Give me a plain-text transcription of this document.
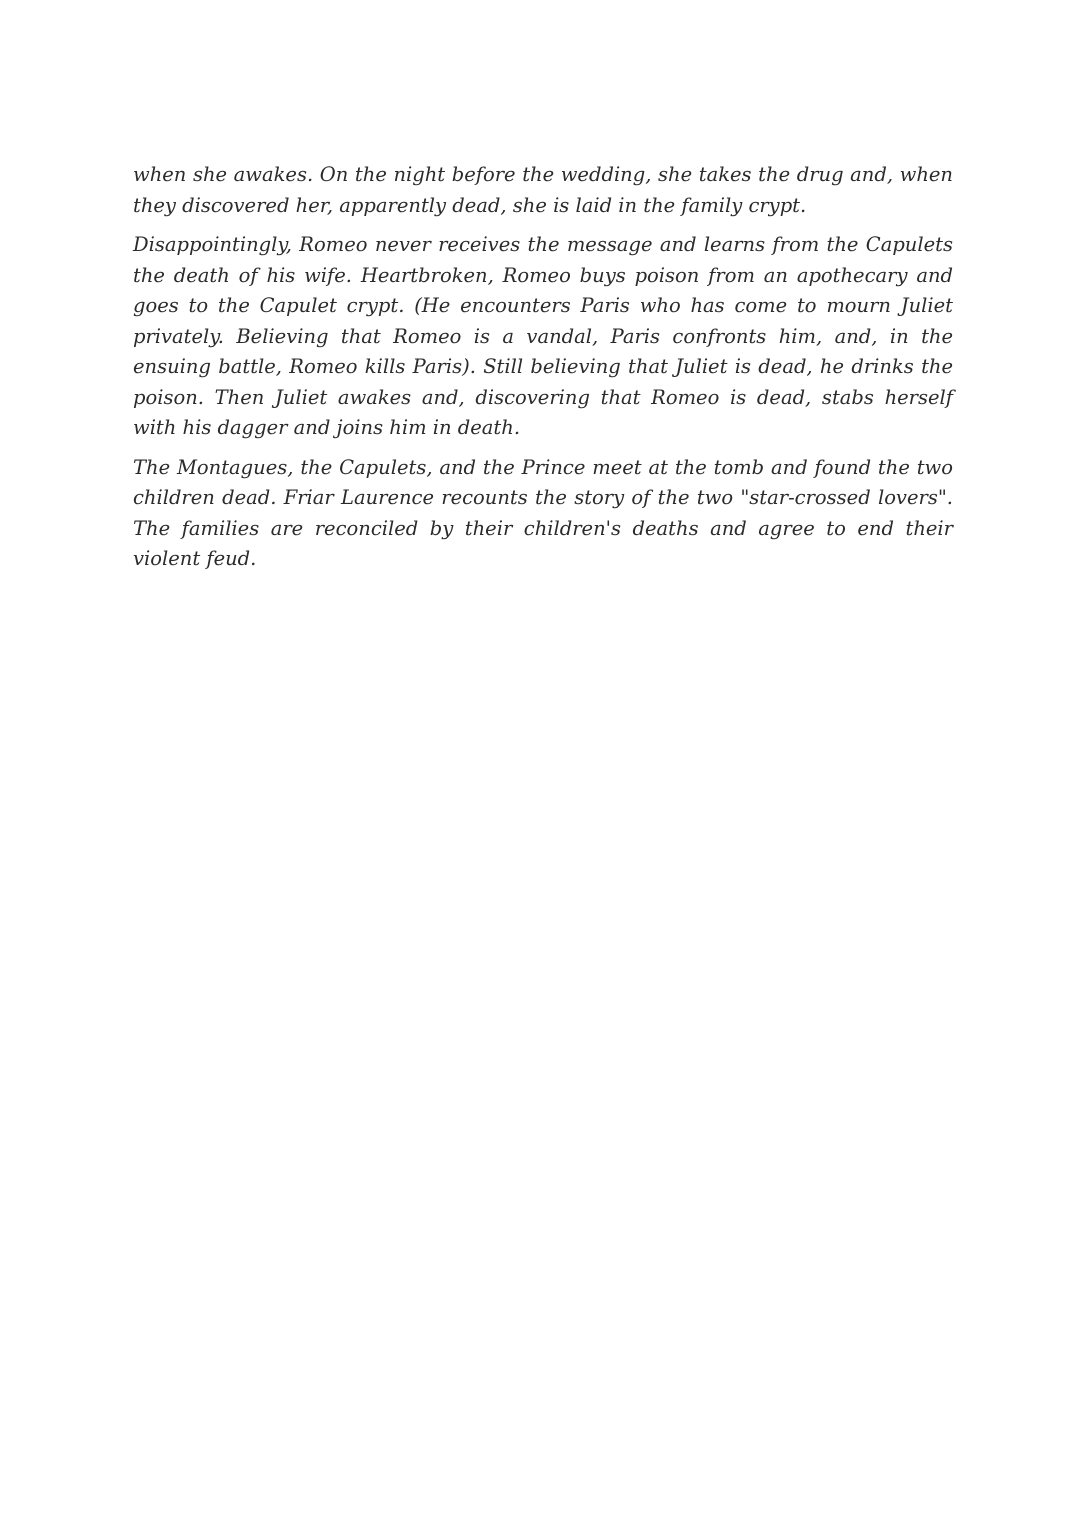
when she awakes. On the night before the wedding, she takes the drug and, when they discovered her, apparently dead, she is laid in the family crypt.

Disappointingly, Romeo never receives the message and learns from the Capulets the death of his wife. Heartbroken, Romeo buys poison from an apothecary and goes to the Capulet crypt. (He encounters Paris who has come to mourn Juliet privately. Believing that Romeo is a vandal, Paris confronts him, and, in the ensuing battle, Romeo kills Paris). Still believing that Juliet is dead, he drinks the poison. Then Juliet awakes and, discovering that Romeo is dead, stabs herself with his dagger and joins him in death.

The Montagues, the Capulets, and the Prince meet at the tomb and found the two children dead. Friar Laurence recounts the story of the two "star-crossed lovers". The families are reconciled by their children's deaths and agree to end their violent feud.
